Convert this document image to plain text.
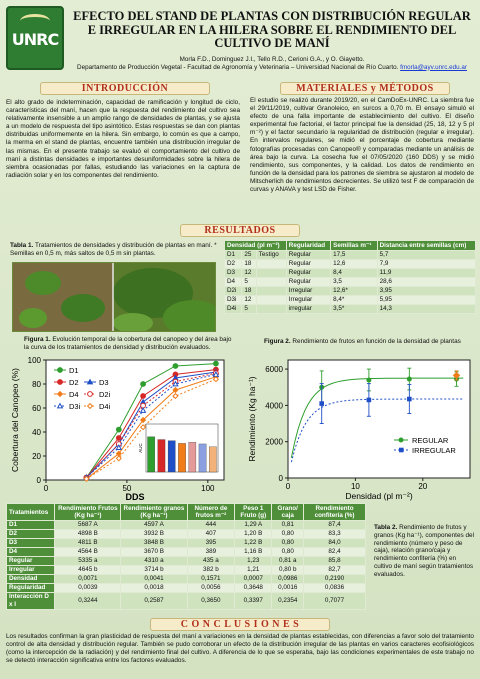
UNRC
EFECTO DEL STAND DE PLANTAS CON DISTRIBUCIÓN REGULAR E IRREGULAR EN LA HILERA SOBRE EL RENDIMIENTO DEL CULTIVO DE MANÍ
Morla F.D., Dominguez J.I., Tello R.D., Cerioni G.A., y O. Giayetto.
Departamento de Producción Vegetal - Facultad de Agronomía y Veterinaria – Universidad Nacional de Río Cuarto. fmorla@ayv.unrc.edu.ar
INTRODUCCIÓN	MATERIALES y MÉTODOS
El alto grado de indeterminación, capacidad de ramificación y longitud de ciclo, características del maní, hacen que la respuesta del rendimiento del cultivo sea relativamente insensible a un amplio rango de densidades de plantas, y se ajusta a un modelo de respuesta del tipo asintótico. Estas respuestas se dan con plantas distribuidas uniformemente en la hilera. Sin embargo, lo común es que a campo, la merma en el stand de plantas, encuentre también una distribución irregular de las mismas. En el presente trabajo se evaluó el comportamiento del cultivo de maní a distintas densidades e importantes desuniformidades sobre la hilera de siembra ocasionadas por fallas, estudiando las variaciones en la captura de radiación solar y en los componentes del rendimiento.
El estudio se realizó durante 2019/20, en el CamDoEx-UNRC. La siembra fue el 29/11/2019, cultivar Granoleico, en surcos a 0,70 m. El ensayo simuló el efecto de una falla importante de establecimiento del cultivo. El diseño experimental fue factorial, el factor principal fue la densidad (25, 18, 12 y 5 pl m⁻²) y el factor secundario la regularidad de distribución (regular e irregular). En intervalos regulares, se midió el porcentaje de cobertura mediante fotografías procesadas con Canopeo® y comparadas mediante un análisis de área bajo la curva. La cosecha fue el 07/05/2020 (160 DDS) y se midió rendimiento, sus componentes, y la calidad. Los datos de rendimiento en función de la densidad para los patrones de siembra se ajustaron al modelo de Mitscherlich de rendimientos decrecientes. Se utilizó test F de comparación de curvas y ANAVA y test LSD de Fisher.
RESULTADOS
Tabla 1. Tratamientos de densidades y distribución de plantas en maní. * Semillas en 0,5 m, más saltos de 0,5 m sin plantas.
Densidad (pl m⁻²)			Regularidad	Semillas m⁻¹	Distancia entre semillas (cm)
D1	25	Testigo	Regular	17,5	5,7
D2	18		Regular	12,6	7,9
D3	12		Regular	8,4	11,9
D4	5		Regular	3,5	28,6
D2i	18		Irregular	12,6*	3,95
D3i	12		Irregular	8,4*	5,95
D4i	5		irregular	3,5*	14,3
Figura 1. Evolución temporal de la cobertura del canopeo y del área bajo la curva de los tratamientos de densidad y distribución evaluados.
0
20
40
60
80
100
0	50	100
Cobertura del Canopeo (%)
DDS
D1
D2	D3
D4	D2i
D3i D4i
AUC
Figura 2. Rendimiento de frutos en función de la densidad de plantas
0
2000
4000
6000
0	10	20
Rendimiento (Kg ha⁻¹)
Densidad (pl m⁻²)
REGULAR
IRREGULAR
Tratamientos	Rendimiento Frutos (Kg ha⁻¹)	Rendimiento granos (Kg ha⁻¹)	Número de frutos m⁻²	Peso 1 Fruto (g)	Grano/ caja	Rendimiento confitería (%)
D1	5687 A	4597 A	444	1,29 A	0,81	87,4
D2	4898 B	3932 B	407	1,20 B	0,80	83,3
D3	4811 B	3848 B	395	1,22 B	0,80	84,0
D4	4564 B	3670 B	389	1,16 B	0,80	82,4
Regular	5335 a	4310 a	435 a	1,23	0,81 a	85,8
Irregular	4645 b	3714 b	382 b	1,21	0,80 b	82,7
Densidad	0,0071	0,0041	0,1571	0,0007	0,0986	0,2190
Regularidad	0,0039	0,0018	0,0056	0,3648	0,0016	0,0836
Interacción D x I	0,3244	0,2587	0,3650	0,3397	0,2354	0,7077
Tabla 2. Rendimiento de frutos y granos (Kg ha⁻¹), componentes del rendimiento (número y peso de caja), relación grano/caja y rendimiento confitería (%) en cultivo de maní según tratamientos evaluados.
C O N C L U S I O N E S
Los resultados confirman la gran plasticidad de respuesta del maní a variaciones en la densidad de plantas establecidas, con diferencias a favor solo del tratamiento control de alta densidad y distribución regular. También se pudo corroborar un efecto de la distribución irregular de las plantas en varios caracteres ecofisiológicos (como la intercepción de la radiación) y del rendimiento final del cultivo. A diferencia de lo que se esperaba, bajo las condiciones experimentales de este trabajo no se detectó interacción significativa entre los factores evaluados.
